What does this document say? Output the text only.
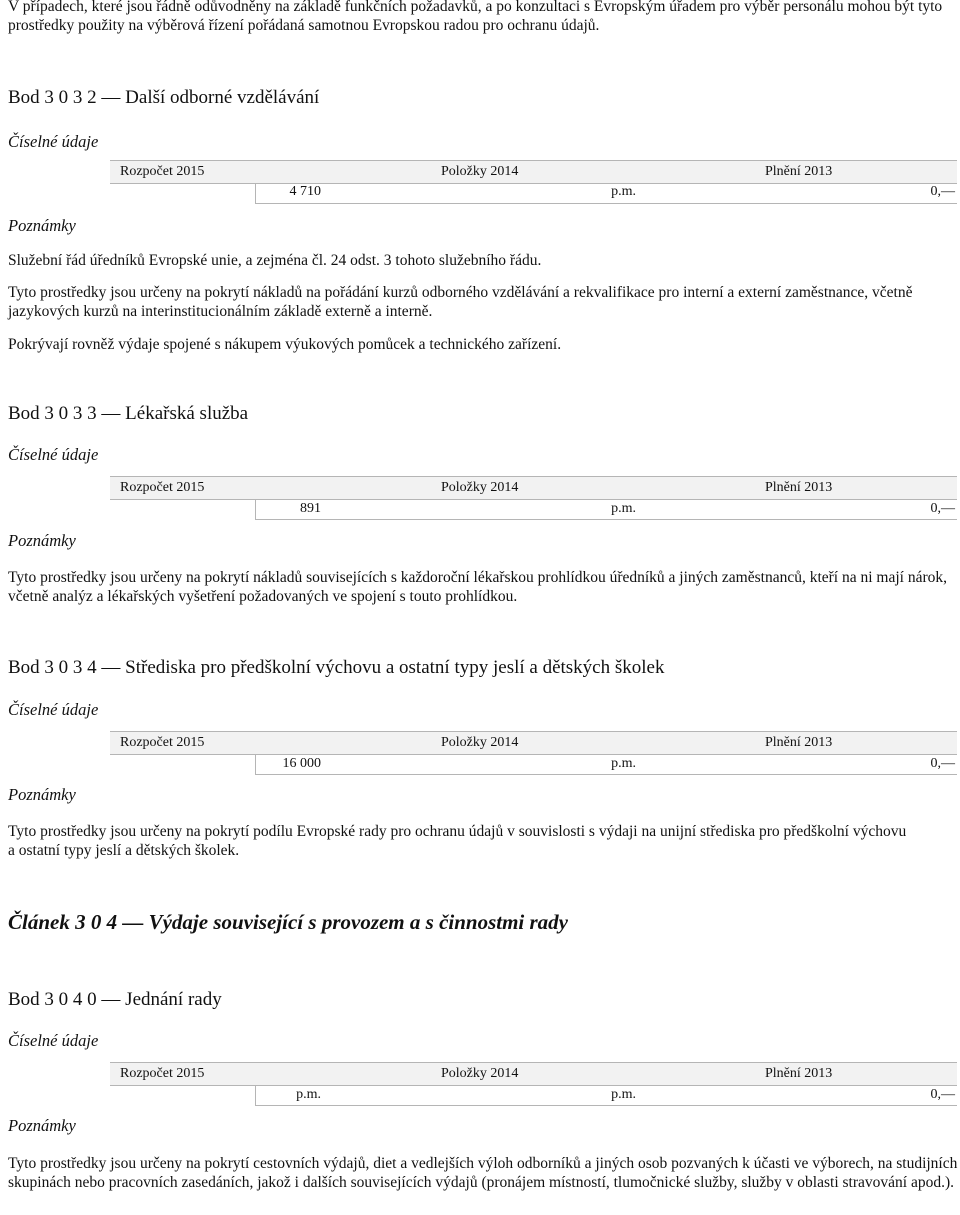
V případech, které jsou řádně odůvodněny na základě funkčních požadavků, a po konzultaci s Evropským úřadem pro výběr personálu mohou být tyto prostředky použity na výběrová řízení pořádaná samotnou Evropskou radou pro ochranu údajů.

Bod 3 0 3 2 — Další odborné vzdělávání
Číselné údaje
Rozpočet 2015	Položky 2014	Plnění 2013
4 710	p.m.	0,—
Poznámky

Služební řád úředníků Evropské unie, a zejména čl. 24 odst. 3 tohoto služebního řádu.

Tyto prostředky jsou určeny na pokrytí nákladů na pořádání kurzů odborného vzdělávání a rekvalifikace pro interní a externí zaměstnance, včetně jazykových kurzů na interinstitucionálním základě externě a interně.

Pokrývají rovněž výdaje spojené s nákupem výukových pomůcek a technického zařízení.

Bod 3 0 3 3 — Lékařská služba
Číselné údaje
Rozpočet 2015	Položky 2014	Plnění 2013
891	p.m.	0,—
Poznámky

Tyto prostředky jsou určeny na pokrytí nákladů souvisejících s každoroční lékařskou prohlídkou úředníků a jiných zaměstnanců, kteří na ni mají nárok, včetně analýz a lékařských vyšetření požadovaných ve spojení s touto prohlídkou.

Bod 3 0 3 4 — Střediska pro předškolní výchovu a ostatní typy jeslí a dětských školek
Číselné údaje
Rozpočet 2015	Položky 2014	Plnění 2013
16 000	p.m.	0,—
Poznámky

Tyto prostředky jsou určeny na pokrytí podílu Evropské rady pro ochranu údajů v souvislosti s výdaji na unijní střediska pro předškolní výchovu a ostatní typy jeslí a dětských školek.

Článek 3 0 4 — Výdaje související s provozem a s činnostmi rady
Bod 3 0 4 0 — Jednání rady
Číselné údaje
Rozpočet 2015	Položky 2014	Plnění 2013
p.m.	p.m.	0,—
Poznámky

Tyto prostředky jsou určeny na pokrytí cestovních výdajů, diet a vedlejších výloh odborníků a jiných osob pozvaných k účasti ve výborech, na studijních skupinách nebo pracovních zasedáních, jakož i dalších souvisejících výdajů (pronájem místností, tlumočnické služby, služby v oblasti stravování apod.).
